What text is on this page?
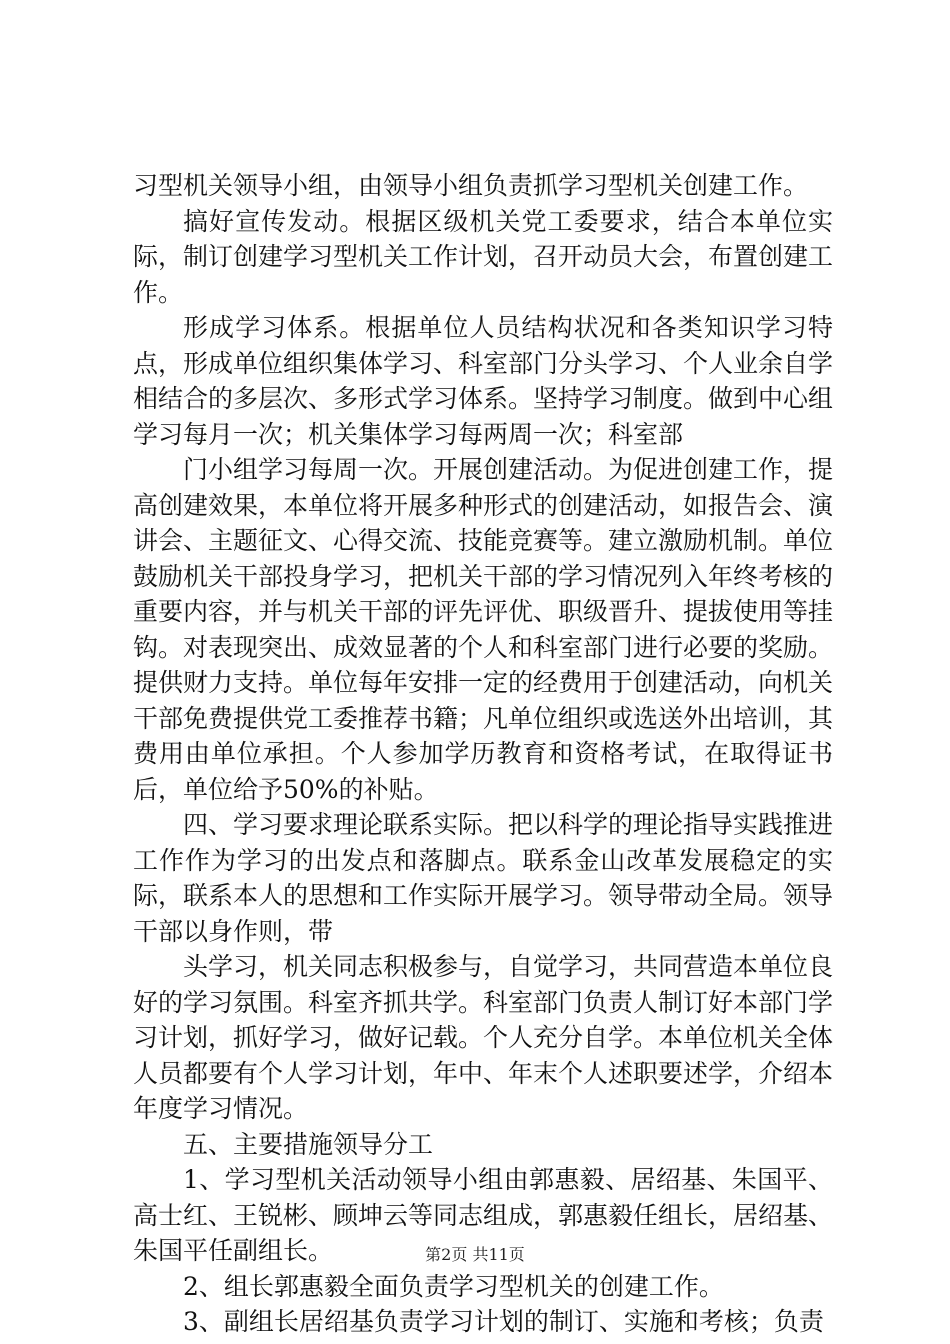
习型机关领导小组，由领导小组负责抓学习型机关创建工作。

搞好宣传发动。根据区级机关党工委要求，结合本单位实际，制订创建学习型机关工作计划，召开动员大会，布置创建工作。

形成学习体系。根据单位人员结构状况和各类知识学习特点，形成单位组织集体学习、科室部门分头学习、个人业余自学相结合的多层次、多形式学习体系。坚持学习制度。做到中心组学习每月一次；机关集体学习每两周一次；科室部

门小组学习每周一次。开展创建活动。为促进创建工作，提高创建效果，本单位将开展多种形式的创建活动，如报告会、演讲会、主题征文、心得交流、技能竞赛等。建立激励机制。单位鼓励机关干部投身学习，把机关干部的学习情况列入年终考核的重要内容，并与机关干部的评先评优、职级晋升、提拔使用等挂钩。对表现突出、成效显著的个人和科室部门进行必要的奖励。提供财力支持。单位每年安排一定的经费用于创建活动，向机关干部免费提供党工委推荐书籍；凡单位组织或选送外出培训，其费用由单位承担。个人参加学历教育和资格考试，在取得证书后，单位给予50%的补贴。

四、学习要求理论联系实际。把以科学的理论指导实践推进工作作为学习的出发点和落脚点。联系金山改革发展稳定的实际，联系本人的思想和工作实际开展学习。领导带动全局。领导干部以身作则，带

头学习，机关同志积极参与，自觉学习，共同营造本单位良好的学习氛围。科室齐抓共学。科室部门负责人制订好本部门学习计划，抓好学习，做好记载。个人充分自学。本单位机关全体人员都要有个人学习计划，年中、年末个人述职要述学，介绍本年度学习情况。

五、主要措施领导分工

1、学习型机关活动领导小组由郭惠毅、居绍基、朱国平、高士红、王锐彬、顾坤云等同志组成，郭惠毅任组长，居绍基、朱国平任副组长。

2、组长郭惠毅全面负责学习型机关的创建工作。

3、副组长居绍基负责学习计划的制订、实施和考核；负责

第2页 共11页
